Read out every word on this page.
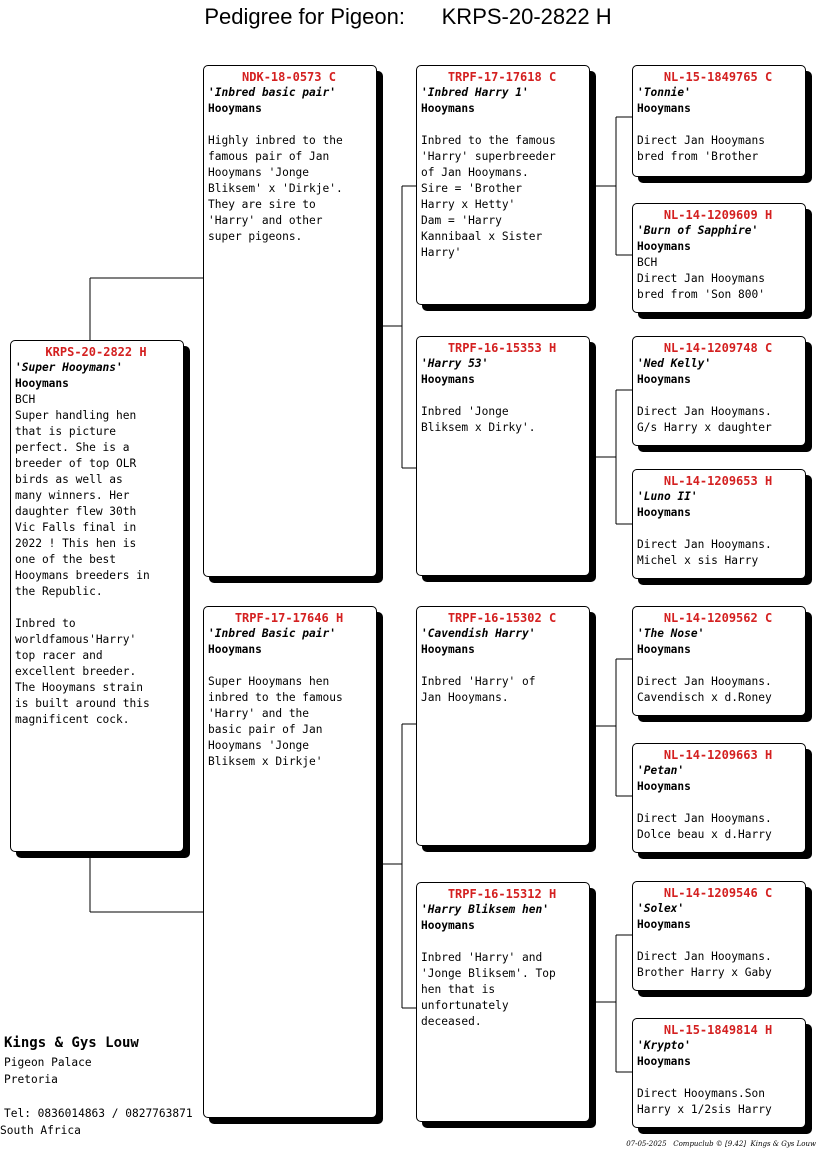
Pedigree for Pigeon:      KRPS-20-2822 H
KRPS-20-2822 H
'Super Hooymans'
Hooymans
BCH
Super handling hen
that is picture
perfect. She is a
breeder of top OLR
birds as well as
many winners. Her
daughter flew 30th
Vic Falls final in
2022 ! This hen is
one of the best
Hooymans breeders in
the Republic.

Inbred to
worldfamous'Harry'
top racer and
excellent breeder.
The Hooymans strain
is built around this
magnificent cock.
NDK-18-0573 C
'Inbred basic pair'
Hooymans
Highly inbred to the
famous pair of Jan
Hooymans 'Jonge
Bliksem' x 'Dirkje'.
They are sire to
'Harry' and other
super pigeons.
TRPF-17-17646 H
'Inbred Basic pair'
Hooymans
Super Hooymans hen
inbred to the famous
'Harry' and the
basic pair of Jan
Hooymans 'Jonge
Bliksem x Dirkje'
TRPF-17-17618 C
'Inbred Harry 1'
Hooymans
Inbred to the famous
'Harry' superbreeder
of Jan Hooymans.
Sire = 'Brother
Harry x Hetty'
Dam = 'Harry
Kannibaal x Sister
Harry'
TRPF-16-15353 H
'Harry 53'
Hooymans
Inbred 'Jonge
Bliksem x Dirky'.
TRPF-16-15302 C
'Cavendish Harry'
Hooymans
Inbred 'Harry' of
Jan Hooymans.
TRPF-16-15312 H
'Harry Bliksem hen'
Hooymans
Inbred 'Harry' and
'Jonge Bliksem'. Top
hen that is
unfortunately
deceased.
NL-15-1849765 C
'Tonnie'
Hooymans
Direct Jan Hooymans
bred from 'Brother
NL-14-1209609 H
'Burn of Sapphire'
Hooymans
BCH
Direct Jan Hooymans
bred from 'Son 800'
NL-14-1209748 C
'Ned Kelly'
Hooymans
Direct Jan Hooymans.
G/s Harry x daughter
NL-14-1209653 H
'Luno II'
Hooymans
Direct Jan Hooymans.
Michel x sis Harry
NL-14-1209562 C
'The Nose'
Hooymans
Direct Jan Hooymans.
Cavendisch x d.Roney
NL-14-1209663 H
'Petan'
Hooymans
Direct Jan Hooymans.
Dolce beau x d.Harry
NL-14-1209546 C
'Solex'
Hooymans
Direct Jan Hooymans.
Brother Harry x Gaby
NL-15-1849814 H
'Krypto'
Hooymans
Direct Hooymans.Son
Harry x 1/2sis Harry
Kings & Gys Louw
Pigeon Palace
Pretoria
Tel: 0836014863 / 0827763871
South Africa
07-05-2025   Compuclub © [9.42]  Kings & Gys Louw
